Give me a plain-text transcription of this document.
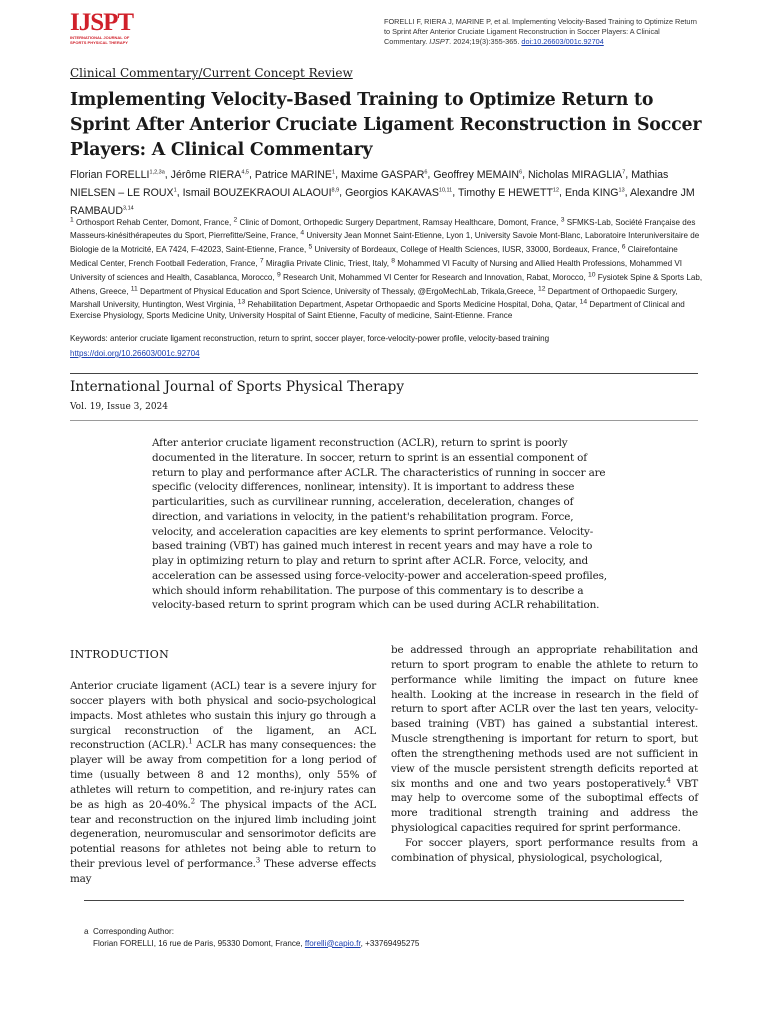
IJSPT
INTERNATIONAL JOURNAL OF SPORTS PHYSICAL THERAPY
FORELLI F, RIERA J, MARINE P, et al. Implementing Velocity-Based Training to Optimize Return to Sprint After Anterior Cruciate Ligament Reconstruction in Soccer Players: A Clinical Commentary. IJSPT. 2024;19(3):355-365. doi:10.26603/001c.92704
Clinical Commentary/Current Concept Review
Implementing Velocity-Based Training to Optimize Return to Sprint After Anterior Cruciate Ligament Reconstruction in Soccer Players: A Clinical Commentary
Florian $FORELLI^{1,2,3a}$, Jérôme RIERA$^{4,5}$, Patrice MARINE$^1$, Maxime GASPAR$^6$, Geoffrey MEMAIN$^6$, Nicholas MIRAGLIA$^7$, Mathias NIELSEN – LE ROUX$^1$, Ismail BOUZEKRAOUI ALAOUI$^{8,9}$, Georgios KAKAVAS$^{10,11}$, Timothy E HEWETT$^{12}$, Enda KING$^{13}$, Alexandre JM RAMBAUD$^{3,14}$
$^1$ Orthosport Rehab Center, Domont, France, $^2$ Clinic of Domont, Orthopedic Surgery Department, Ramsay Healthcare, Domont, France, $^3$ SFMKS-Lab, Société Française des Masseurs-kinésithérapeutes du Sport, Pierrefitte/Seine, France, $^4$ University Jean Monnet Saint-Etienne, Lyon 1, University Savoie Mont-Blanc, Laboratoire Interuniversitaire de Biologie de la Motricité, EA 7424, F-42023, Saint-Etienne, France, $^5$ University of Bordeaux, College of Health Sciences, IUSR, 33000, Bordeaux, France, $^6$ Clairefontaine Medical Center, French Football Federation, France, $^7$ Miraglia Private Clinic, Triest, Italy, $^8$ Mohammed VI Faculty of Nursing and Allied Health Professions, Mohammed VI University of sciences and Health, Casablanca, Morocco, $^9$ Research Unit, Mohammed VI Center for Research and Innovation, Rabat, Morocco, $^{10}$ Fysiotek Spine & Sports Lab, Athens, Greece, $^{11}$ Department of Physical Education and Sport Science, University of Thessaly, @ErgoMechLab, Trikala,Greece, $^{12}$ Department of Orthopaedic Surgery, Marshall University, Huntington, West Virginia, $^{13}$ Rehabilitation Department, Aspetar Orthopaedic and Sports Medicine Hospital, Doha, Qatar, $^{14}$ Department of Clinical and Exercise Physiology, Sports Medicine Unity, University Hospital of Saint Etienne, Faculty of medicine, Saint-Etienne. France
Keywords: anterior cruciate ligament reconstruction, return to sprint, soccer player, force-velocity-power profile, velocity-based training
https://doi.org/10.26603/001c.92704
International Journal of Sports Physical Therapy
Vol. 19, Issue 3, 2024
After anterior cruciate ligament reconstruction (ACLR), return to sprint is poorly documented in the literature. In soccer, return to sprint is an essential component of return to play and performance after ACLR. The characteristics of running in soccer are specific (velocity differences, nonlinear, intensity). It is important to address these particularities, such as curvilinear running, acceleration, deceleration, changes of direction, and variations in velocity, in the patient's rehabilitation program. Force, velocity, and acceleration capacities are key elements to sprint performance. Velocity-based training (VBT) has gained much interest in recent years and may have a role to play in optimizing return to play and return to sprint after ACLR. Force, velocity, and acceleration can be assessed using force-velocity-power and acceleration-speed profiles, which should inform rehabilitation. The purpose of this commentary is to describe a velocity-based return to sprint program which can be used during ACLR rehabilitation.
INTRODUCTION

Anterior cruciate ligament (ACL) tear is a severe injury for soccer players with both physical and socio-psychological impacts. Most athletes who sustain this injury go through a surgical reconstruction of the ligament, an ACL reconstruction (ACLR).$^1$ ACLR has many consequences: the player will be away from competition for a long period of time (usually between 8 and 12 months), only 55% of athletes will return to competition, and re-injury rates can be as high as 20-40%.$^2$ The physical impacts of the ACL tear and reconstruction on the injured limb including joint degeneration, neuromuscular and sensorimotor deficits are potential reasons for athletes not being able to return to their previous level of performance.$^3$ These adverse effects may

be addressed through an appropriate rehabilitation and return to sport program to enable the athlete to return to performance while limiting the impact on future knee health. Looking at the increase in research in the field of return to sport after ACLR over the last ten years, velocity-based training (VBT) has gained a substantial interest. Muscle strengthening is important for return to sport, but often the strengthening methods used are not sufficient in view of the muscle persistent strength deficits reported at six months and one and two years postoperatively.$^4$ VBT may help to overcome some of the suboptimal effects of more traditional strength training and address the physiological capacities required for sprint performance.

For soccer players, sport performance results from a combination of physical, physiological, psychological,

a Corresponding Author:
Florian FORELLI, 16 rue de Paris, 95330 Domont, France, fforelli@capio.fr, +33769495275
